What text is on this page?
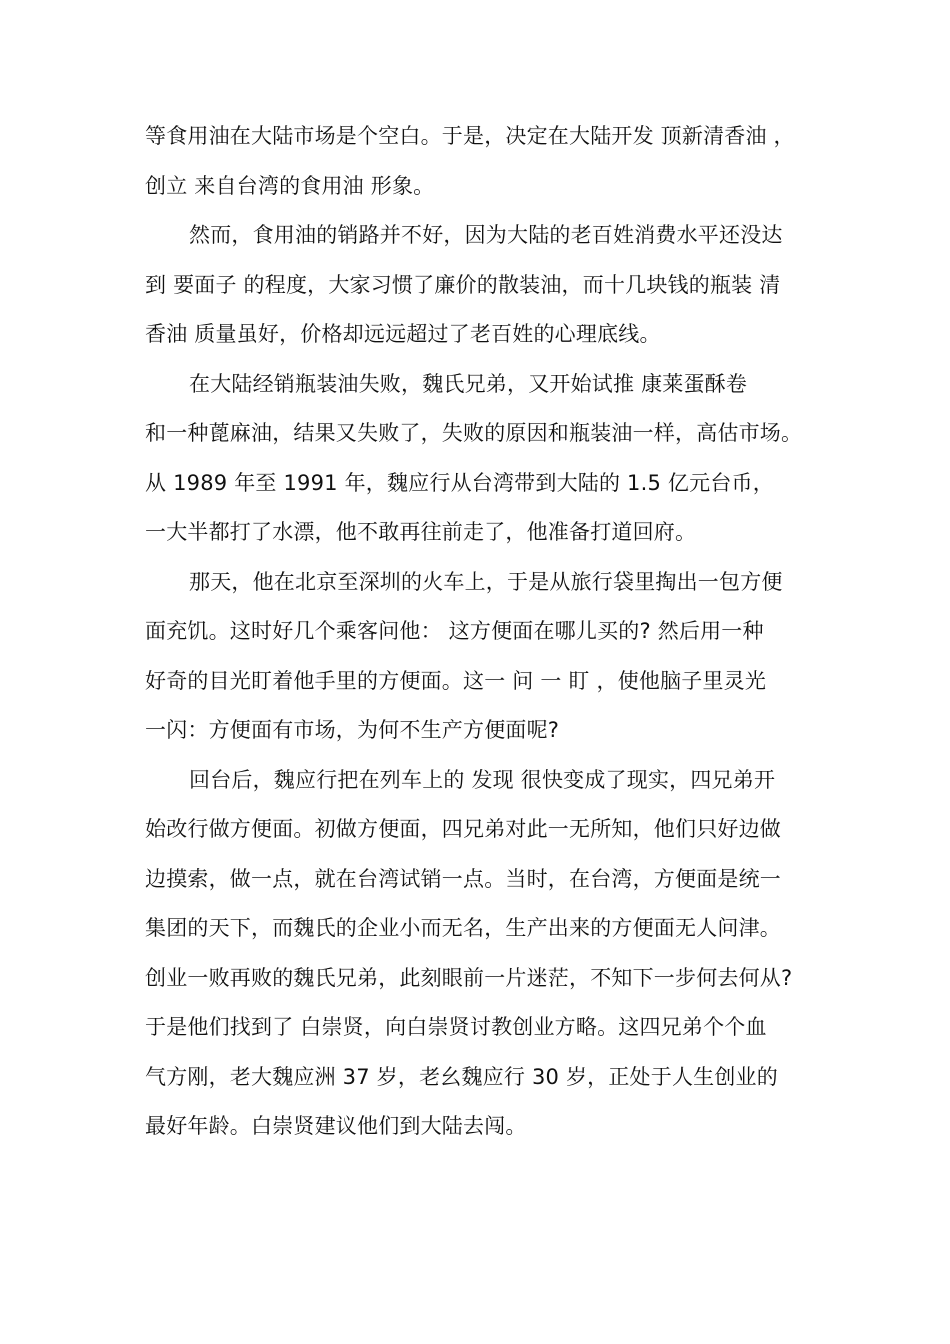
等食用油在大陆市场是个空白。于是，决定在大陆开发 顶新清香油 ，
创立 来自台湾的食用油 形象。

然而，食用油的销路并不好，因为大陆的老百姓消费水平还没达
到 要面子 的程度，大家习惯了廉价的散装油，而十几块钱的瓶装 清
香油 质量虽好，价格却远远超过了老百姓的心理底线。

在大陆经销瓶装油失败，魏氏兄弟，又开始试推 康莱蛋酥卷
和一种蓖麻油，结果又失败了，失败的原因和瓶装油一样，高估市场。
从 1989 年至 1991 年，魏应行从台湾带到大陆的 1.5 亿元台币，
一大半都打了水漂，他不敢再往前走了，他准备打道回府。

那天，他在北京至深圳的火车上，于是从旅行袋里掏出一包方便
面充饥。这时好几个乘客问他： 这方便面在哪儿买的? 然后用一种
好奇的目光盯着他手里的方便面。这一 问 一 盯 ，使他脑子里灵光
一闪：方便面有市场，为何不生产方便面呢?

回台后，魏应行把在列车上的 发现 很快变成了现实，四兄弟开
始改行做方便面。初做方便面，四兄弟对此一无所知，他们只好边做
边摸索，做一点，就在台湾试销一点。当时，在台湾，方便面是统一
集团的天下，而魏氏的企业小而无名，生产出来的方便面无人问津。
创业一败再败的魏氏兄弟，此刻眼前一片迷茫，不知下一步何去何从?
于是他们找到了 白崇贤，向白崇贤讨教创业方略。这四兄弟个个血
气方刚，老大魏应洲 37 岁，老幺魏应行 30 岁，正处于人生创业的
最好年龄。白崇贤建议他们到大陆去闯。
